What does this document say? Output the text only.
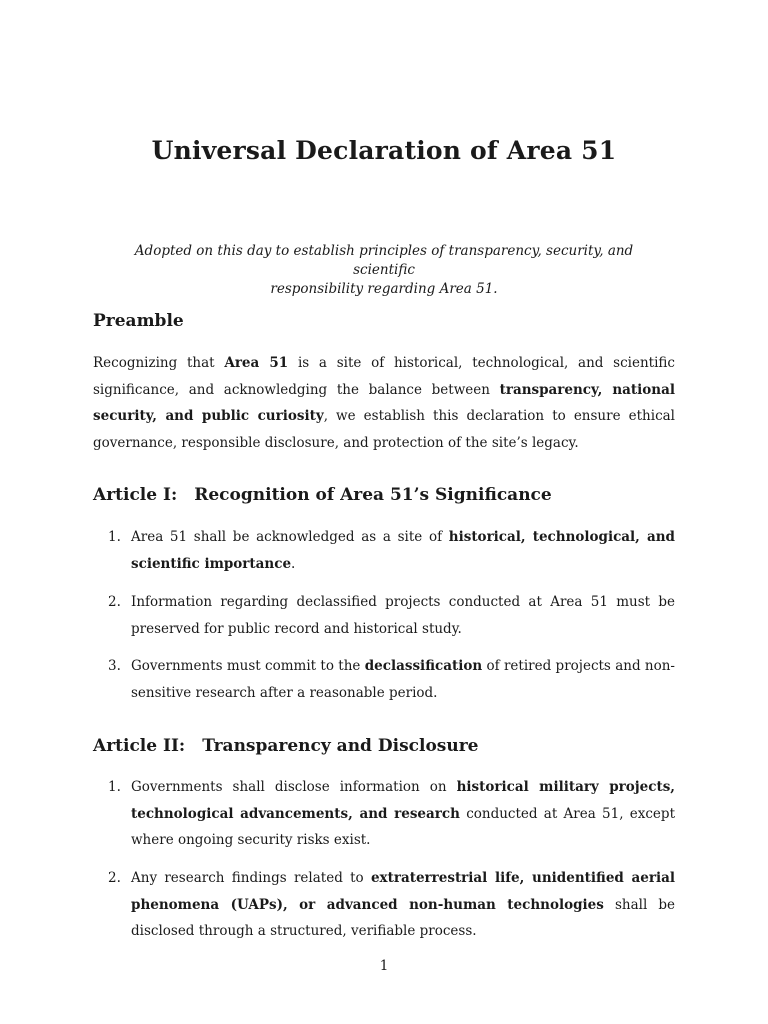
Universal Declaration of Area 51
Adopted on this day to establish principles of transparency, security, and scientific
responsibility regarding Area 51.
Preamble
Recognizing that Area 51 is a site of historical, technological, and scientific significance, and acknowledging the balance between transparency, national security, and public curiosity, we establish this declaration to ensure ethical governance, responsible disclosure, and protection of the site’s legacy.
Article I: Recognition of Area 51’s Significance
1. Area 51 shall be acknowledged as a site of historical, technological, and scientific importance.
2. Information regarding declassified projects conducted at Area 51 must be preserved for public record and historical study.
3. Governments must commit to the declassification of retired projects and non-sensitive research after a reasonable period.
Article II: Transparency and Disclosure
1. Governments shall disclose information on historical military projects, technological advancements, and research conducted at Area 51, except where ongoing security risks exist.
2. Any research findings related to extraterrestrial life, unidentified aerial phenomena (UAPs), or advanced non-human technologies shall be disclosed through a structured, verifiable process.
1
